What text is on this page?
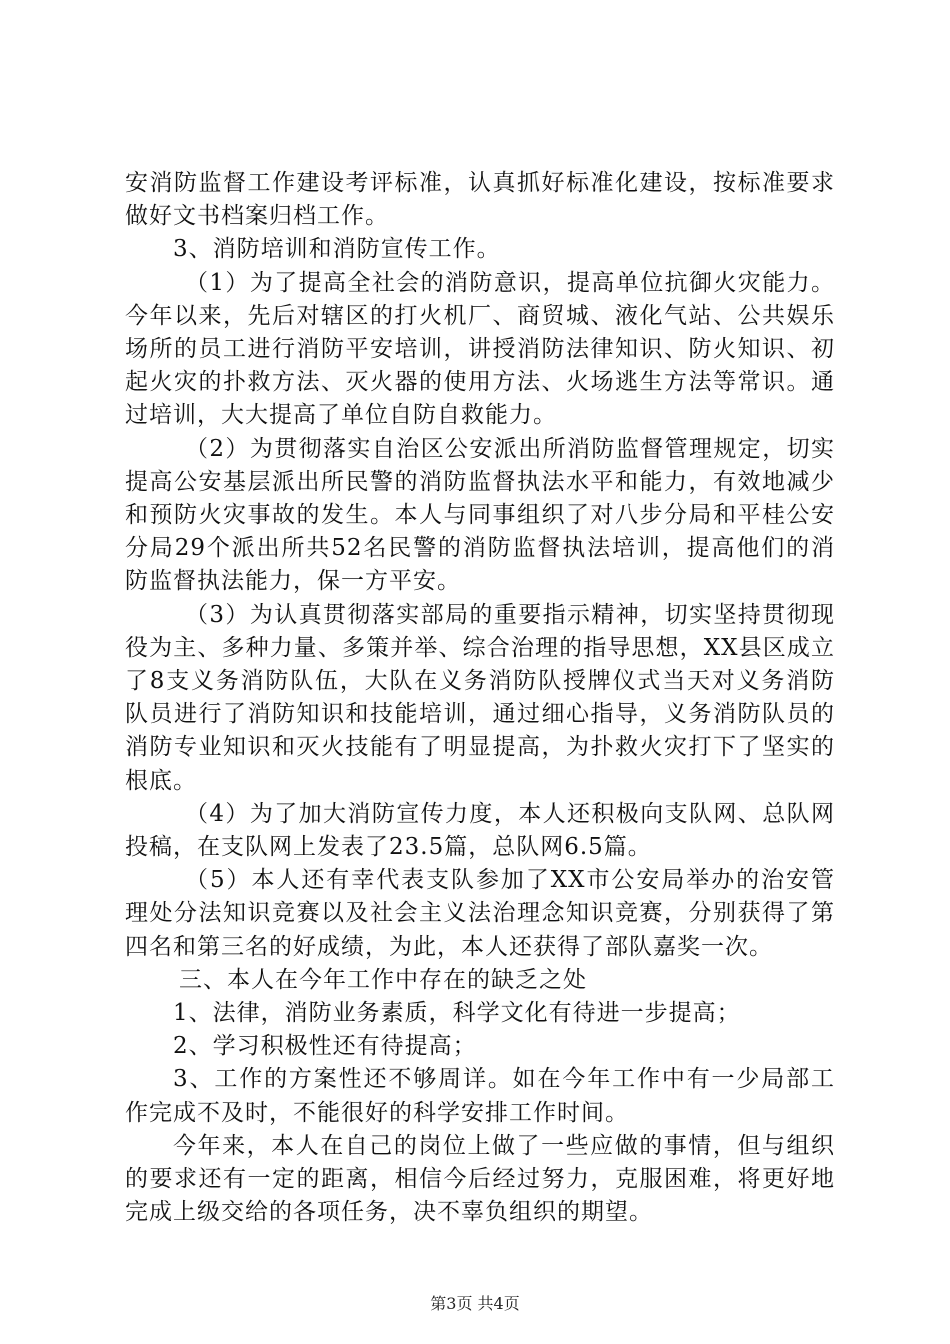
安消防监督工作建设考评标准，认真抓好标准化建设，按标准要求做好文书档案归档工作。

3、消防培训和消防宣传工作。

（1）为了提高全社会的消防意识，提高单位抗御火灾能力。今年以来，先后对辖区的打火机厂、商贸城、液化气站、公共娱乐场所的员工进行消防平安培训，讲授消防法律知识、防火知识、初起火灾的扑救方法、灭火器的使用方法、火场逃生方法等常识。通过培训，大大提高了单位自防自救能力。

（2）为贯彻落实自治区公安派出所消防监督管理规定，切实提高公安基层派出所民警的消防监督执法水平和能力，有效地减少和预防火灾事故的发生。本人与同事组织了对八步分局和平桂公安分局29个派出所共52名民警的消防监督执法培训，提高他们的消防监督执法能力，保一方平安。

（3）为认真贯彻落实部局的重要指示精神，切实坚持贯彻现役为主、多种力量、多策并举、综合治理的指导思想，XX县区成立了8支义务消防队伍，大队在义务消防队授牌仪式当天对义务消防队员进行了消防知识和技能培训，通过细心指导，义务消防队员的消防专业知识和灭火技能有了明显提高，为扑救火灾打下了坚实的根底。

（4）为了加大消防宣传力度，本人还积极向支队网、总队网投稿，在支队网上发表了23.5篇，总队网6.5篇。

（5）本人还有幸代表支队参加了XX市公安局举办的治安管理处分法知识竞赛以及社会主义法治理念知识竞赛，分别获得了第四名和第三名的好成绩，为此，本人还获得了部队嘉奖一次。

三、本人在今年工作中存在的缺乏之处

1、法律，消防业务素质，科学文化有待进一步提高；

2、学习积极性还有待提高；

3、工作的方案性还不够周详。如在今年工作中有一少局部工作完成不及时，不能很好的科学安排工作时间。

今年来，本人在自己的岗位上做了一些应做的事情，但与组织的要求还有一定的距离，相信今后经过努力，克服困难，将更好地完成上级交给的各项任务，决不辜负组织的期望。

第3页 共4页
